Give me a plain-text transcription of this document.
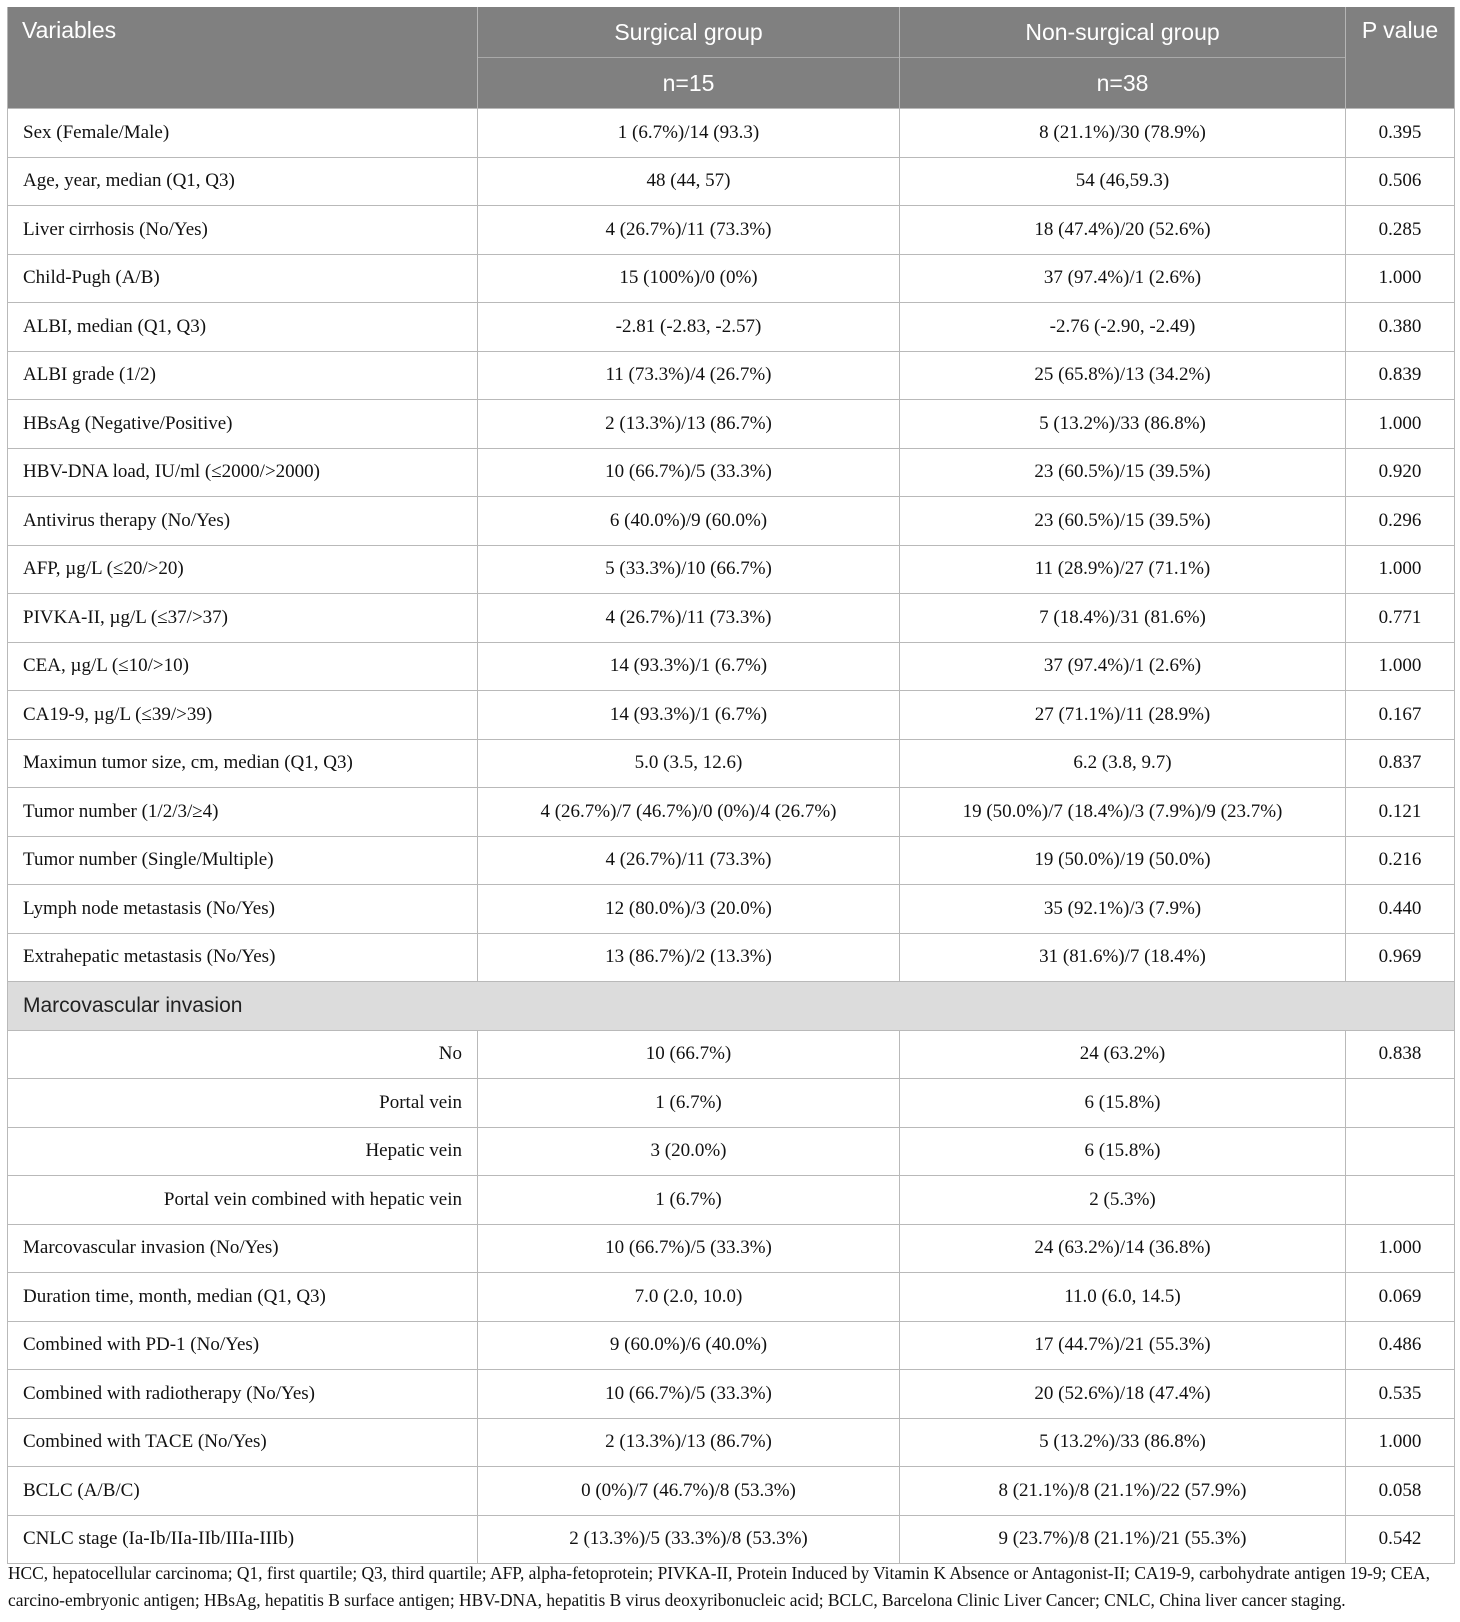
Variables	Surgical group	Non-surgical group	P value
	n=15	n=38	
Sex (Female/Male)	1 (6.7%)/14 (93.3)	8 (21.1%)/30 (78.9%)	0.395
Age, year, median (Q1, Q3)	48 (44, 57)	54 (46,59.3)	0.506
Liver cirrhosis (No/Yes)	4 (26.7%)/11 (73.3%)	18 (47.4%)/20 (52.6%)	0.285
Child-Pugh (A/B)	15 (100%)/0 (0%)	37 (97.4%)/1 (2.6%)	1.000
ALBI, median (Q1, Q3)	-2.81 (-2.83, -2.57)	-2.76 (-2.90, -2.49)	0.380
ALBI grade (1/2)	11 (73.3%)/4 (26.7%)	25 (65.8%)/13 (34.2%)	0.839
HBsAg (Negative/Positive)	2 (13.3%)/13 (86.7%)	5 (13.2%)/33 (86.8%)	1.000
HBV-DNA load, IU/ml (≤2000/>2000)	10 (66.7%)/5 (33.3%)	23 (60.5%)/15 (39.5%)	0.920
Antivirus therapy (No/Yes)	6 (40.0%)/9 (60.0%)	23 (60.5%)/15 (39.5%)	0.296
AFP, µg/L (≤20/>20)	5 (33.3%)/10 (66.7%)	11 (28.9%)/27 (71.1%)	1.000
PIVKA-II, µg/L (≤37/>37)	4 (26.7%)/11 (73.3%)	7 (18.4%)/31 (81.6%)	0.771
CEA, µg/L (≤10/>10)	14 (93.3%)/1 (6.7%)	37 (97.4%)/1 (2.6%)	1.000
CA19-9, µg/L (≤39/>39)	14 (93.3%)/1 (6.7%)	27 (71.1%)/11 (28.9%)	0.167
Maximun tumor size, cm, median (Q1, Q3)	5.0 (3.5, 12.6)	6.2 (3.8, 9.7)	0.837
Tumor number (1/2/3/≥4)	4 (26.7%)/7 (46.7%)/0 (0%)/4 (26.7%)	19 (50.0%)/7 (18.4%)/3 (7.9%)/9 (23.7%)	0.121
Tumor number (Single/Multiple)	4 (26.7%)/11 (73.3%)	19 (50.0%)/19 (50.0%)	0.216
Lymph node metastasis (No/Yes)	12 (80.0%)/3 (20.0%)	35 (92.1%)/3 (7.9%)	0.440
Extrahepatic metastasis (No/Yes)	13 (86.7%)/2 (13.3%)	31 (81.6%)/7 (18.4%)	0.969
Marcovascular invasion			
No	10 (66.7%)	24 (63.2%)	0.838
Portal vein	1 (6.7%)	6 (15.8%)	
Hepatic vein	3 (20.0%)	6 (15.8%)	
Portal vein combined with hepatic vein	1 (6.7%)	2 (5.3%)	
Marcovascular invasion (No/Yes)	10 (66.7%)/5 (33.3%)	24 (63.2%)/14 (36.8%)	1.000
Duration time, month, median (Q1, Q3)	7.0 (2.0, 10.0)	11.0 (6.0, 14.5)	0.069
Combined with PD-1 (No/Yes)	9 (60.0%)/6 (40.0%)	17 (44.7%)/21 (55.3%)	0.486
Combined with radiotherapy (No/Yes)	10 (66.7%)/5 (33.3%)	20 (52.6%)/18 (47.4%)	0.535
Combined with TACE (No/Yes)	2 (13.3%)/13 (86.7%)	5 (13.2%)/33 (86.8%)	1.000
BCLC (A/B/C)	0 (0%)/7 (46.7%)/8 (53.3%)	8 (21.1%)/8 (21.1%)/22 (57.9%)	0.058
CNLC stage (Ia-Ib/IIa-IIb/IIIa-IIIb)	2 (13.3%)/5 (33.3%)/8 (53.3%)	9 (23.7%)/8 (21.1%)/21 (55.3%)	0.542
HCC, hepatocellular carcinoma; Q1, first quartile; Q3, third quartile; AFP, alpha-fetoprotein; PIVKA-II, Protein Induced by Vitamin K Absence or Antagonist-II; CA19-9, carbohydrate antigen 19-9; CEA, carcino-embryonic antigen; HBsAg, hepatitis B surface antigen; HBV-DNA, hepatitis B virus deoxyribonucleic acid; BCLC, Barcelona Clinic Liver Cancer; CNLC, China liver cancer staging.
